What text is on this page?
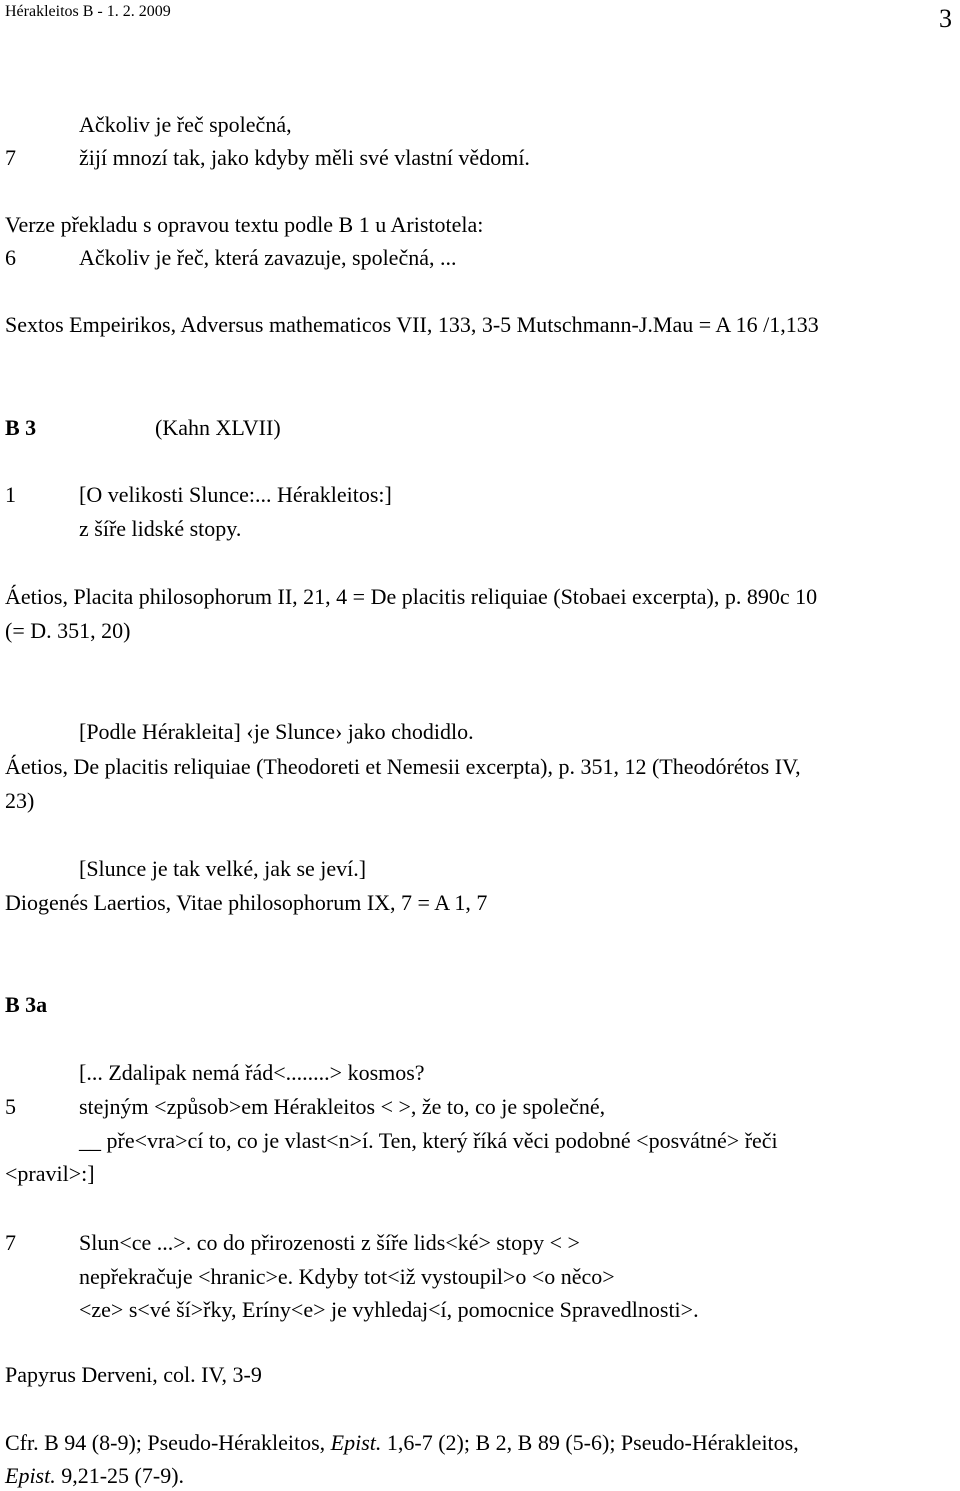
Hérakleitos B - 1. 2. 2009	3
Ačkoliv je řeč společná,
7	žijí mnozí tak, jako kdyby měli své vlastní vědomí.
Verze překladu s opravou textu podle B 1 u Aristotela:
6	Ačkoliv je řeč, která zavazuje, společná, ...
Sextos Empeirikos, Adversus mathematicos VII, 133, 3-5 Mutschmann-J.Mau = A 16 /1,133
B 3	(Kahn XLVII)
1	[O velikosti Slunce:... Hérakleitos:]
z šíře lidské stopy.
Áetios, Placita philosophorum II, 21, 4 = De placitis reliquiae (Stobaei excerpta), p. 890c 10
(= D. 351, 20)
[Podle Hérakleita] ‹je Slunce› jako chodidlo.
Áetios, De placitis reliquiae (Theodoreti et Nemesii excerpta), p. 351, 12 (Theodórétos IV,
23)
[Slunce je tak velké, jak se jeví.]
Diogenés Laertios, Vitae philosophorum IX, 7 = A 1, 7
B 3a
[... Zdalipak nemá řád<........> kosmos?
5	stejným <způsob>em Hérakleitos < >, že to, co je společné,
__ pře<vra>cí to, co je vlast<n>í. Ten, který říká věci podobné <posvátné> řeči
<pravil>:]
7	Slun<ce ...>. co do přirozenosti z šíře lids<ké> stopy < >
nepřekračuje <hranic>e. Kdyby tot<iž vystoupil>o <o něco>
<ze> s<vé ší>řky, Eríny<e> je vyhledaj<í, pomocnice Spravedlnosti>.
Papyrus Derveni, col. IV, 3-9
Cfr. B 94 (8-9); Pseudo-Hérakleitos, Epist. 1,6-7 (2); B 2, B 89 (5-6); Pseudo-Hérakleitos,
Epist. 9,21-25 (7-9).
